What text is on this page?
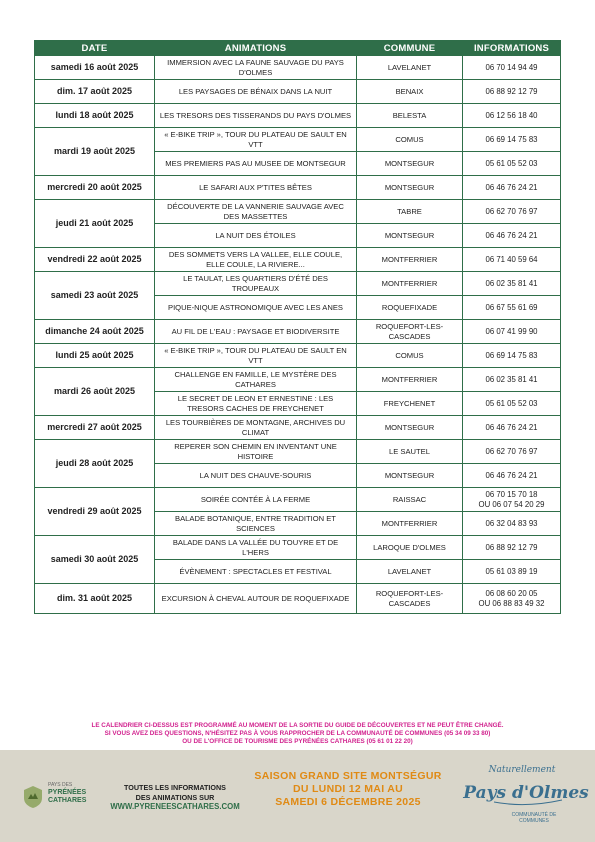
DATE	ANIMATIONS	COMMUNE	INFORMATIONS
samedi 16 août 2025	IMMERSION AVEC LA FAUNE SAUVAGE DU PAYS D'OLMES	LAVELANET	06 70 14 94 49
dim. 17 août 2025	LES PAYSAGES DE BÉNAIX DANS LA NUIT	BENAIX	06 88 92 12 79
lundi 18 août 2025	LES TRESORS DES TISSERANDS DU PAYS D'OLMES	BELESTA	06 12 56 18 40
mardi 19 août 2025	« E-BIKE TRIP », TOUR DU PLATEAU DE SAULT EN VTT	COMUS	06 69 14 75 83
	MES PREMIERS PAS AU MUSEE DE MONTSEGUR	MONTSEGUR	05 61 05 52 03
mercredi 20 août 2025	LE SAFARI AUX P'TITES BÊTES	MONTSEGUR	06 46 76 24 21
jeudi 21 août 2025	DÉCOUVERTE DE LA VANNERIE SAUVAGE AVEC DES MASSETTES	TABRE	06 62 70 76 97
	LA NUIT DES ÉTOILES	MONTSEGUR	06 46 76 24 21
vendredi 22 août 2025	DES SOMMETS VERS LA VALLEE, ELLE COULE, ELLE COULE, LA RIVIERE...	MONTFERRIER	06 71 40 59 64
samedi 23 août 2025	LE TAULAT, LES QUARTIERS D'ÉTÉ DES TROUPEAUX	MONTFERRIER	06 02 35 81 41
	PIQUE-NIQUE ASTRONOMIQUE AVEC LES ANES	ROQUEFIXADE	06 67 55 61 69
dimanche 24 août 2025	AU FIL DE L'EAU : PAYSAGE ET BIODIVERSITE	ROQUEFORT-LES-CASCADES	06 07 41 99 90
lundi 25 août 2025	« E-BIKE TRIP », TOUR DU PLATEAU DE SAULT EN VTT	COMUS	06 69 14 75 83
mardi 26 août 2025	CHALLENGE EN FAMILLE, LE MYSTÈRE DES CATHARES	MONTFERRIER	06 02 35 81 41
	LE SECRET DE LEON ET ERNESTINE : LES TRESORS CACHES DE FREYCHENET	FREYCHENET	05 61 05 52 03
mercredi 27 août 2025	LES TOURBIÈRES DE MONTAGNE, ARCHIVES DU CLIMAT	MONTSEGUR	06 46 76 24 21
jeudi 28 août 2025	REPERER SON CHEMIN EN INVENTANT UNE HISTOIRE	LE SAUTEL	06 62 70 76 97
	LA NUIT DES CHAUVE-SOURIS	MONTSEGUR	06 46 76 24 21
vendredi 29 août 2025	SOIRÉE CONTÉE À LA FERME	RAISSAC	06 70 15 70 18
OU 06 07 54 20 29
	BALADE BOTANIQUE, ENTRE TRADITION ET SCIENCES	MONTFERRIER	06 32 04 83 93
samedi 30 août 2025	BALADE DANS LA VALLÉE DU TOUYRE ET DE L'HERS	LAROQUE D'OLMES	06 88 92 12 79
	ÉVÈNEMENT : SPECTACLES ET FESTIVAL	LAVELANET	05 61 03 89 19
dim. 31 août 2025	EXCURSION À CHEVAL AUTOUR DE ROQUEFIXADE	ROQUEFORT-LES-CASCADES	06 08 60 20 05
OU 06 88 83 49 32
LE CALENDRIER CI-DESSUS EST PROGRAMMÉ AU MOMENT DE LA SORTIE DU GUIDE DE DÉCOUVERTES ET NE PEUT ÊTRE CHANGÉ.
SI VOUS AVEZ DES QUESTIONS, N'HÉSITEZ PAS À VOUS RAPPROCHER DE LA COMMUNAUTÉ DE COMMUNES (05 34 09 33 80)
OU DE L'OFFICE DE TOURISME DES PYRÉNÉES CATHARES (05 61 01 22 20)
PAYS DES
PYRÉNÉES
CATHARES
TOUTES LES INFORMATIONS
DES ANIMATIONS SUR
WWW.PYRENEESCATHARES.COM
SAISON GRAND SITE MONTSÉGUR
DU LUNDI 12 MAI AU
SAMEDI 6 DÉCEMBRE 2025
Naturellement
Pays d'Olmes
COMMUNAUTÉ DE
COMMUNES
